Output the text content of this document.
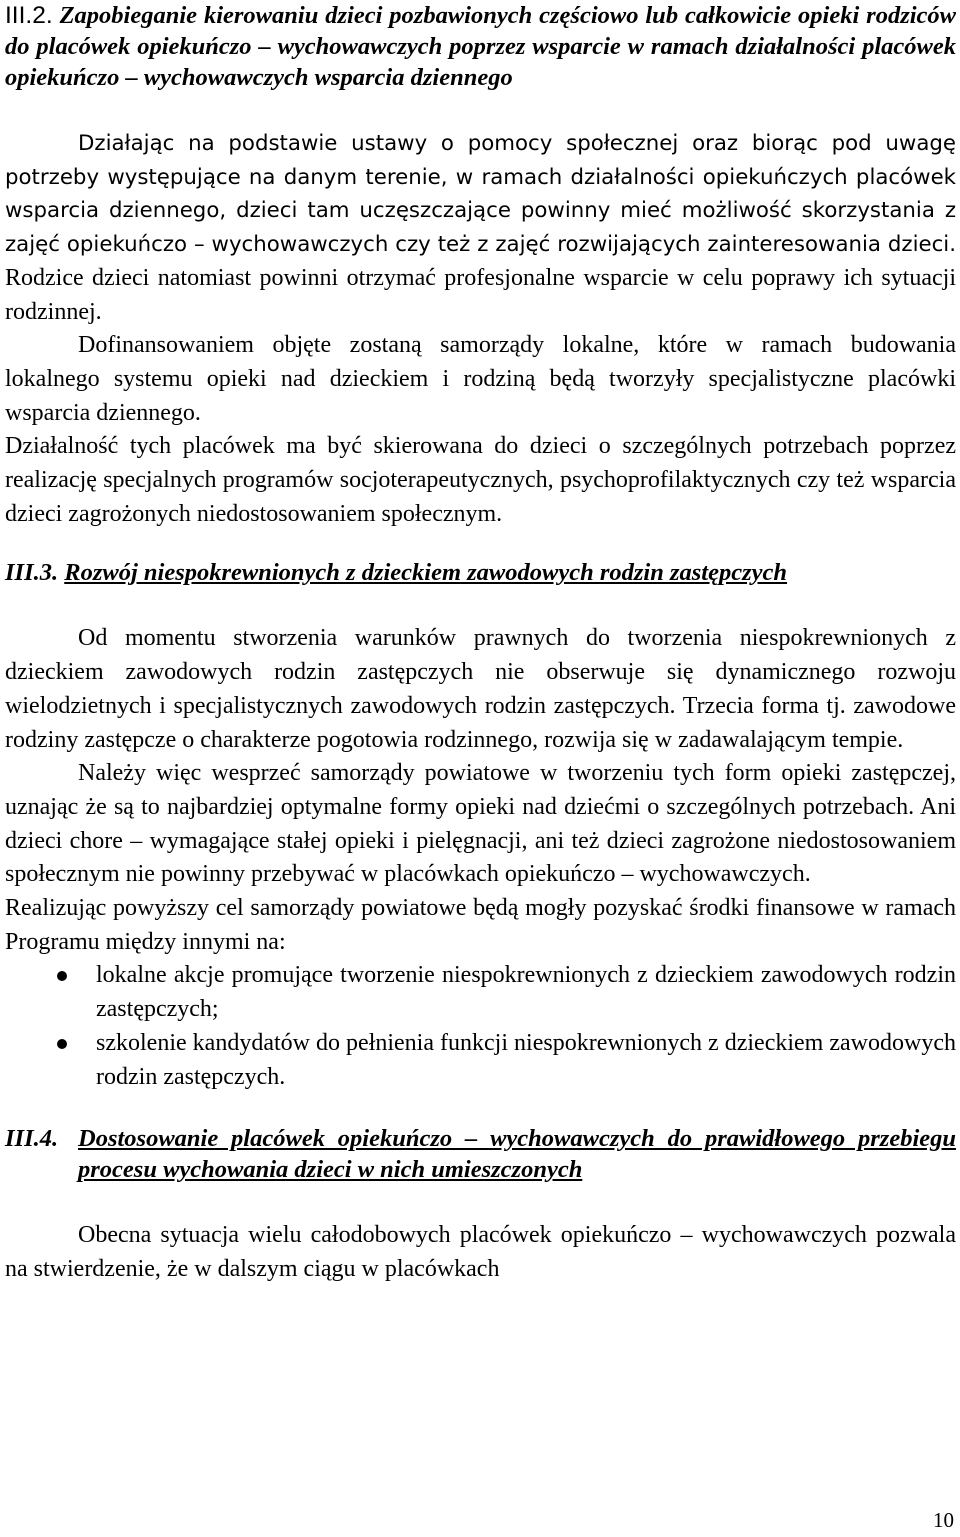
III.2. Zapobieganie kierowaniu dzieci pozbawionych częściowo lub całkowicie opieki rodziców do placówek opiekuńczo – wychowawczych poprzez wsparcie w ramach działalności placówek opiekuńczo – wychowawczych wsparcia dziennego

Działając na podstawie ustawy o pomocy społecznej oraz biorąc pod uwagę potrzeby występujące na danym terenie, w ramach działalności opiekuńczych placówek wsparcia dziennego, dzieci tam uczęszczające powinny mieć możliwość skorzystania z zajęć opiekuńczo – wychowawczych czy też z zajęć rozwijających zainteresowania dzieci. Rodzice dzieci natomiast powinni otrzymać profesjonalne wsparcie w celu poprawy ich sytuacji rodzinnej.

Dofinansowaniem objęte zostaną samorządy lokalne, które w ramach budowania lokalnego systemu opieki nad dzieckiem i rodziną będą tworzyły specjalistyczne placówki wsparcia dziennego.

Działalność tych placówek ma być skierowana do dzieci o szczególnych potrzebach poprzez realizację specjalnych programów socjoterapeutycznych, psychoprofilaktycznych czy też wsparcia dzieci zagrożonych niedostosowaniem społecznym.

III.3. Rozwój niespokrewnionych z dzieckiem zawodowych rodzin zastępczych

Od momentu stworzenia warunków prawnych do tworzenia niespokrewnionych z dzieckiem zawodowych rodzin zastępczych nie obserwuje się dynamicznego rozwoju wielodzietnych i specjalistycznych zawodowych rodzin zastępczych. Trzecia forma tj. zawodowe rodziny zastępcze o charakterze pogotowia rodzinnego, rozwija się w zadawalającym tempie.

Należy więc wesprzeć samorządy powiatowe w tworzeniu tych form opieki zastępczej, uznając że są to najbardziej optymalne formy opieki nad dziećmi o szczególnych potrzebach. Ani dzieci chore – wymagające stałej opieki i pielęgnacji, ani też dzieci zagrożone niedostosowaniem społecznym nie powinny przebywać w placówkach opiekuńczo – wychowawczych.

Realizując powyższy cel samorządy powiatowe będą mogły pozyskać środki finansowe w ramach Programu między innymi na:

lokalne akcje promujące tworzenie niespokrewnionych z dzieckiem zawodowych rodzin zastępczych;
szkolenie kandydatów do pełnienia funkcji niespokrewnionych z dzieckiem zawodowych rodzin zastępczych.
III.4. Dostosowanie placówek opiekuńczo – wychowawczych do prawidłowego przebiegu procesu wychowania dzieci w nich umieszczonych

Obecna sytuacja wielu całodobowych placówek opiekuńczo – wychowawczych pozwala na stwierdzenie, że w dalszym ciągu w placówkach

10
